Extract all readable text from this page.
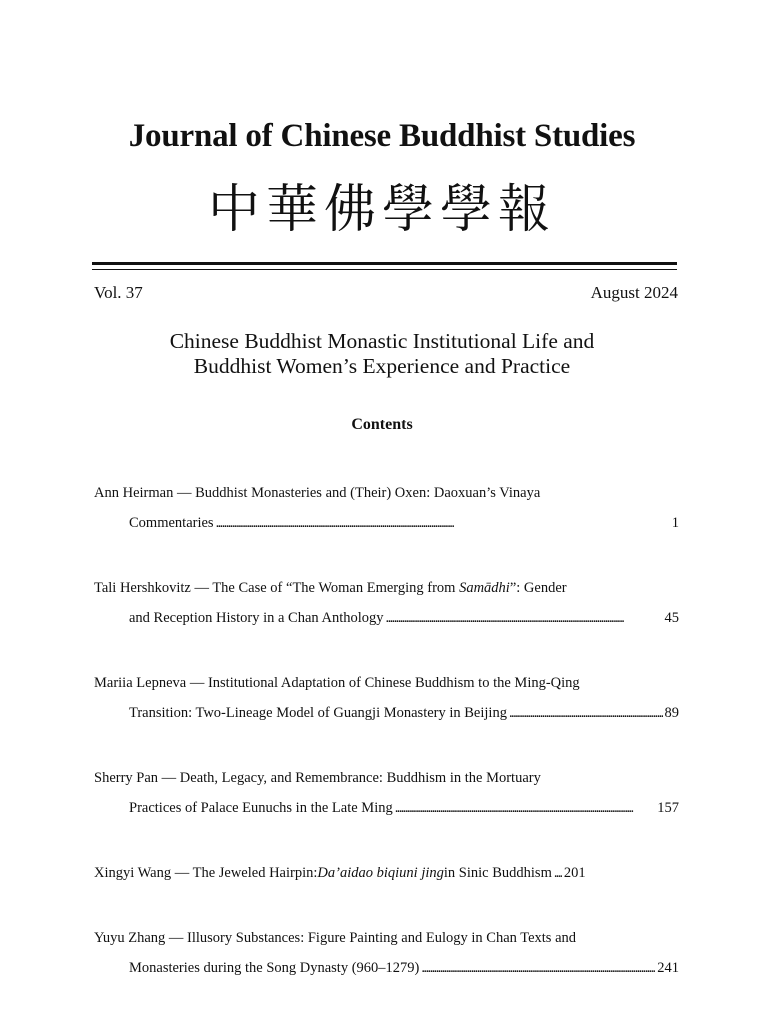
Journal of Chinese Buddhist Studies
中華佛學學報
Vol. 37	August 2024
Chinese Buddhist Monastic Institutional Life and
Buddhist Women’s Experience and Practice
Contents
Ann Heirman — Buddhist Monasteries and (Their) Oxen: Daoxuan’s Vinaya
Commentaries . . .	1
Tali Hershkovitz — The Case of “The Woman Emerging from Samādhi”: Gender
and Reception History in a Chan Anthology . . .	45
Mariia Lepneva — Institutional Adaptation of Chinese Buddhism to the Ming-Qing
Transition: Two-Lineage Model of Guangji Monastery in Beijing . . .	89
Sherry Pan — Death, Legacy, and Remembrance: Buddhism in the Mortuary
Practices of Palace Eunuchs in the Late Ming . . .	157
Xingyi Wang — The Jeweled Hairpin: Da’aidao biqiuni jing in Sinic Buddhism . . . 201
Yuyu Zhang — Illusory Substances: Figure Painting and Eulogy in Chan Texts and
Monasteries during the Song Dynasty (960–1279) . . .	241
